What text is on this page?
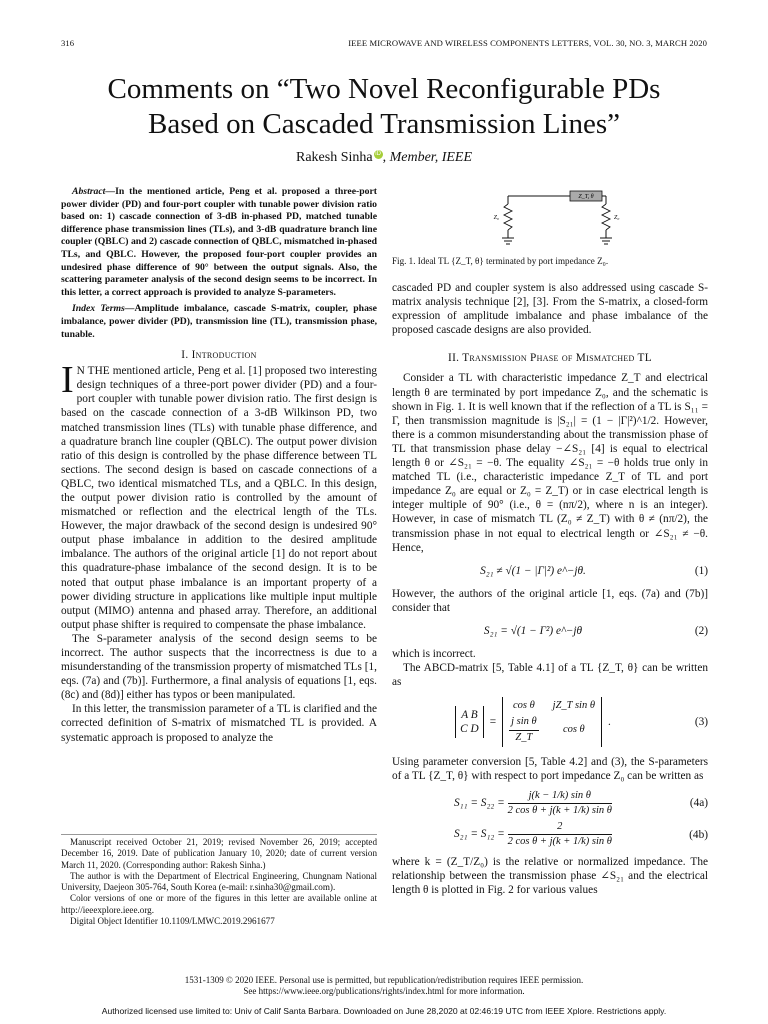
316	IEEE MICROWAVE AND WIRELESS COMPONENTS LETTERS, VOL. 30, NO. 3, MARCH 2020
Comments on “Two Novel Reconfigurable PDs
Based on Cascaded Transmission Lines”
Rakesh Sinha iD , Member, IEEE
Abstract—In the mentioned article, Peng et al. proposed a three-port power divider (PD) and four-port coupler with tunable power division ratio based on: 1) cascade connection of 3-dB in-phased PD, matched tunable difference phase transmission lines (TLs), and 3-dB quadrature branch line coupler (QBLC) and 2) cascade connection of QBLC, mismatched in-phased TLs, and QBLC. However, the proposed four-port coupler provides an undesired phase difference of 90° between the output signals. Also, the scattering parameter analysis of the second design seems to be incorrect. In this letter, a correct approach is provided to analyze S-parameters.
Index Terms—Amplitude imbalance, cascade S-matrix, coupler, phase imbalance, power divider (PD), transmission line (TL), transmission phase, tunable.
I. Introduction

I N THE mentioned article, Peng et al. [1] proposed two interesting design techniques of a three-port power divider (PD) and a four-port coupler with tunable power division ratio. The first design is based on the cascade connection of a 3-dB Wilkinson PD, two matched transmission lines (TLs) with tunable phase difference, and a quadrature branch line coupler (QBLC). The output power division ratio of this design is controlled by the phase difference between TL sections. The second design is based on cascade connections of a QBLC, two identical mismatched TLs, and a QBLC. In this design, the output power division ratio is controlled by the amount of mismatched or reflection and the electrical length of the TLs. However, the major drawback of the second design is undesired 90° output phase imbalance in addition to the desired amplitude imbalance. The authors of the original article [1] do not report about this quadrature-phase imbalance of the second design. It is to be noted that output phase imbalance is an important property of a power dividing structure in applications like multiple input multiple output (MIMO) antenna and phased array. Therefore, an additional output phase shifter is required to compensate the phase imbalance.

The S-parameter analysis of the second design seems to be incorrect. The author suspects that the incorrectness is due to a misunderstanding of the transmission property of mismatched TLs [1, eqs. (7a) and (7b)]. Furthermore, a final analysis of equations [1, eqs. (8c) and (8d)] either has typos or been manipulated.

In this letter, the transmission parameter of a TL is clarified and the corrected definition of S-matrix of mismatched TL is provided. A systematic approach is proposed to analyze the

Manuscript received October 21, 2019; revised November 26, 2019; accepted December 16, 2019. Date of publication January 10, 2020; date of current version March 11, 2020. (Corresponding author: Rakesh Sinha.)

The author is with the Department of Electrical Engineering, Chungnam National University, Daejeon 305-764, South Korea (e-mail: r.sinha30@gmail.com).

Color versions of one or more of the figures in this letter are available online at http://ieeexplore.ieee.org.

Digital Object Identifier 10.1109/LMWC.2019.2961677

Z_T, θ
Z₀	Z₀
Fig. 1. Ideal TL {Z_T, θ} terminated by port impedance Z₀.

cascaded PD and coupler system is also addressed using cascade S-matrix analysis technique [2], [3]. From the S-matrix, a closed-form expression of amplitude imbalance and phase imbalance of the proposed cascade designs are also provided.

II. Transmission Phase of Mismatched TL

Consider a TL with characteristic impedance Z_T and electrical length θ are terminated by port impedance Z₀, and the schematic is shown in Fig. 1. It is well known that if the reflection of a TL is S₁₁ = Γ, then transmission magnitude is |S₂₁| = (1 − |Γ|²)^1/2. However, there is a common misunderstanding about the transmission phase of TL that transmission phase delay −∠S₂₁ [4] is equal to electrical length θ or ∠S₂₁ = −θ. The equality ∠S₂₁ = −θ holds true only in matched TL (i.e., characteristic impedance Z_T of TL and port impedance Z₀ are equal or Z₀ = Z_T) or in case electrical length is integer multiple of 90° (i.e., θ = (nπ/2), where n is an integer). However, in case of mismatch TL (Z₀ ≠ Z_T) with θ ≠ (nπ/2), the transmission phase in not equal to electrical length or ∠S₂₁ ≠ −θ. Hence,

S₂₁ ≠ √(1 − |Γ|²) e^−jθ.	(1)

However, the authors of the original article [1, eqs. (7a) and (7b)] consider that

S₂₁ = √(1 − Γ²) e^−jθ	(2)

which is incorrect.

The ABCD-matrix [5, Table 4.1] of a TL {Z_T, θ} can be written as

A B
C D
=
cos θ	jZ_T sin θ
$\frac{\text{j sin θ}}{Z\_T}$	cos θ
.	(3)

Using parameter conversion [5, Table 4.2] and (3), the S-parameters of a TL {Z_T, θ} with respect to port impedance Z₀ can be written as

$S_{11} = S_{22} = \frac{\text{j(k − 1/k) sin θ}}{\text{2 cos θ + j(k + 1/k) sin θ}}$	(4a)
$S_{21} = S_{12} = \frac{2}{\text{2 cos θ + j(k + 1/k) sin θ}}$	(4b)

where k = (Z_T/Z₀) is the relative or normalized impedance. The relationship between the transmission phase ∠S₂₁ and the electrical length θ is plotted in Fig. 2 for various values

1531-1309 © 2020 IEEE. Personal use is permitted, but republication/redistribution requires IEEE permission.
See https://www.ieee.org/publications/rights/index.html for more information.
Authorized licensed use limited to: Univ of Calif Santa Barbara. Downloaded on June 28,2020 at 02:46:19 UTC from IEEE Xplore. Restrictions apply.
